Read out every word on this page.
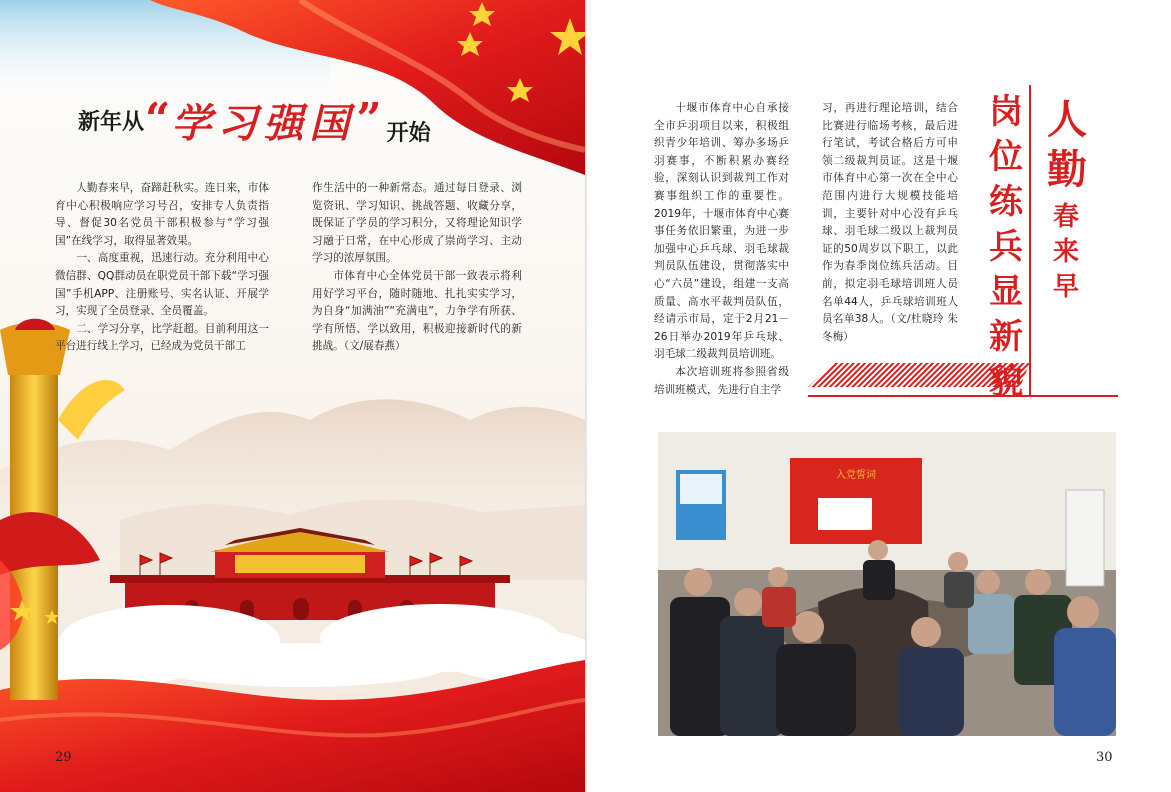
新年从 “ 学习强国 ” 开始

人勤春来早，奋蹄赶秋实。连日来，市体育中心积极响应学习号召，安排专人负责指导、督促30名党员干部积极参与“学习强国”在线学习，取得显著效果。

一、高度重视，迅速行动。充分利用中心微信群、QQ群动员在职党员干部下载“学习强国”手机APP、注册账号、实名认证、开展学习，实现了全员登录、全员覆盖。

二、学习分享，比学赶超。目前利用这一平台进行线上学习，已经成为党员干部工

作生活中的一种新常态。通过每日登录、浏览资讯、学习知识、挑战答题、收藏分享，既保证了学员的学习积分，又将理论知识学习融于日常，在中心形成了崇尚学习、主动学习的浓厚氛围。

市体育中心全体党员干部一致表示将利用好学习平台，随时随地、扎扎实实学习，为自身“加满油”“充满电”，力争学有所获、学有所悟、学以致用，积极迎接新时代的新挑战。（文/展春燕）

29

十堰市体育中心自承接全市乒羽项目以来，积极组织青少年培训、筹办多场乒羽赛事，不断积累办赛经验，深刻认识到裁判工作对赛事组织工作的重要性。2019年，十堰市体育中心赛事任务依旧繁重，为进一步加强中心乒乓球、羽毛球裁判员队伍建设，贯彻落实中心“六员”建设，组建一支高质量、高水平裁判员队伍，经请示市局，定于2月21－26日举办2019年乒乓球、羽毛球二级裁判员培训班。

本次培训班将参照省级培训班模式，先进行自主学

习，再进行理论培训，结合比赛进行临场考核，最后进行笔试，考试合格后方可申领二级裁判员证。这是十堰市体育中心第一次在全中心范围内进行大规模技能培训，主要针对中心没有乒乓球、羽毛球二级以上裁判员证的50周岁以下职工，以此作为春季岗位练兵活动。目前，拟定羽毛球培训班人员名单44人，乒乓球培训班人员名单38人。（文/杜晓玲 朱冬梅）

岗
位
练
兵
显
新
貌
人
勤
春
来
早
入党誓词
30
